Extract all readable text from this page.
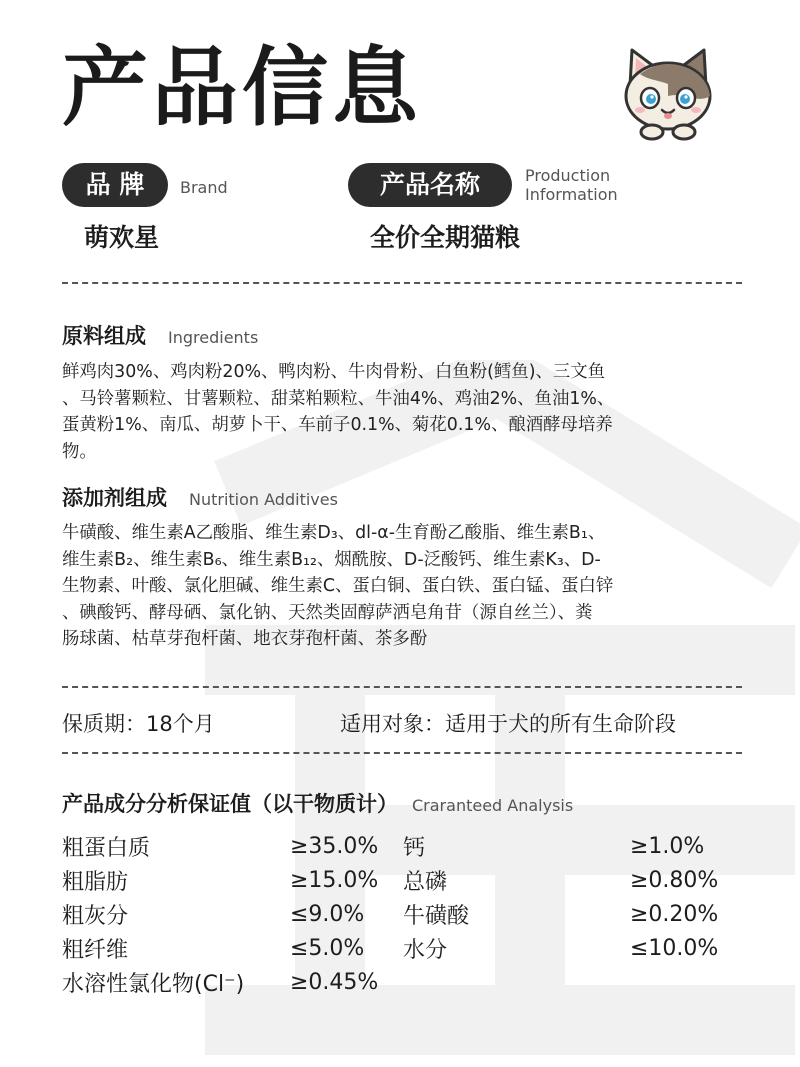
产品信息
品 牌	Brand
萌欢星
产品名称	Production
Information
全价全期猫粮
原料组成 Ingredients
鲜鸡肉30%、鸡肉粉20%、鸭肉粉、牛肉骨粉、白鱼粉(鳕鱼)、三文鱼
、马铃薯颗粒、甘薯颗粒、甜菜粕颗粒、牛油4%、鸡油2%、鱼油1%、
蛋黄粉1%、南瓜、胡萝卜干、车前子0.1%、菊花0.1%、酿酒酵母培养
物。
添加剂组成 Nutrition Additives
牛磺酸、维生素A乙酸脂、维生素D₃、dl-α-生育酚乙酸脂、维生素B₁、
维生素B₂、维生素B₆、维生素B₁₂、烟酰胺、D-泛酸钙、维生素K₃、D-
生物素、叶酸、氯化胆碱、维生素C、蛋白铜、蛋白铁、蛋白锰、蛋白锌
、碘酸钙、酵母硒、氯化钠、天然类固醇萨洒皂角苷（源自丝兰）、粪
肠球菌、枯草芽孢杆菌、地衣芽孢杆菌、茶多酚
保质期：18个月	适用对象：适用于犬的所有生命阶段
产品成分分析保证值（以干物质计） Craranteed Analysis
粗蛋白质	≥35.0% 钙	≥1.0%
粗脂肪	≥15.0% 总磷	≥0.80%
粗灰分	≤9.0% 牛磺酸	≥0.20%
粗纤维	≤5.0% 水分	≤10.0%
水溶性氯化物(Cl⁻) ≥0.45%
